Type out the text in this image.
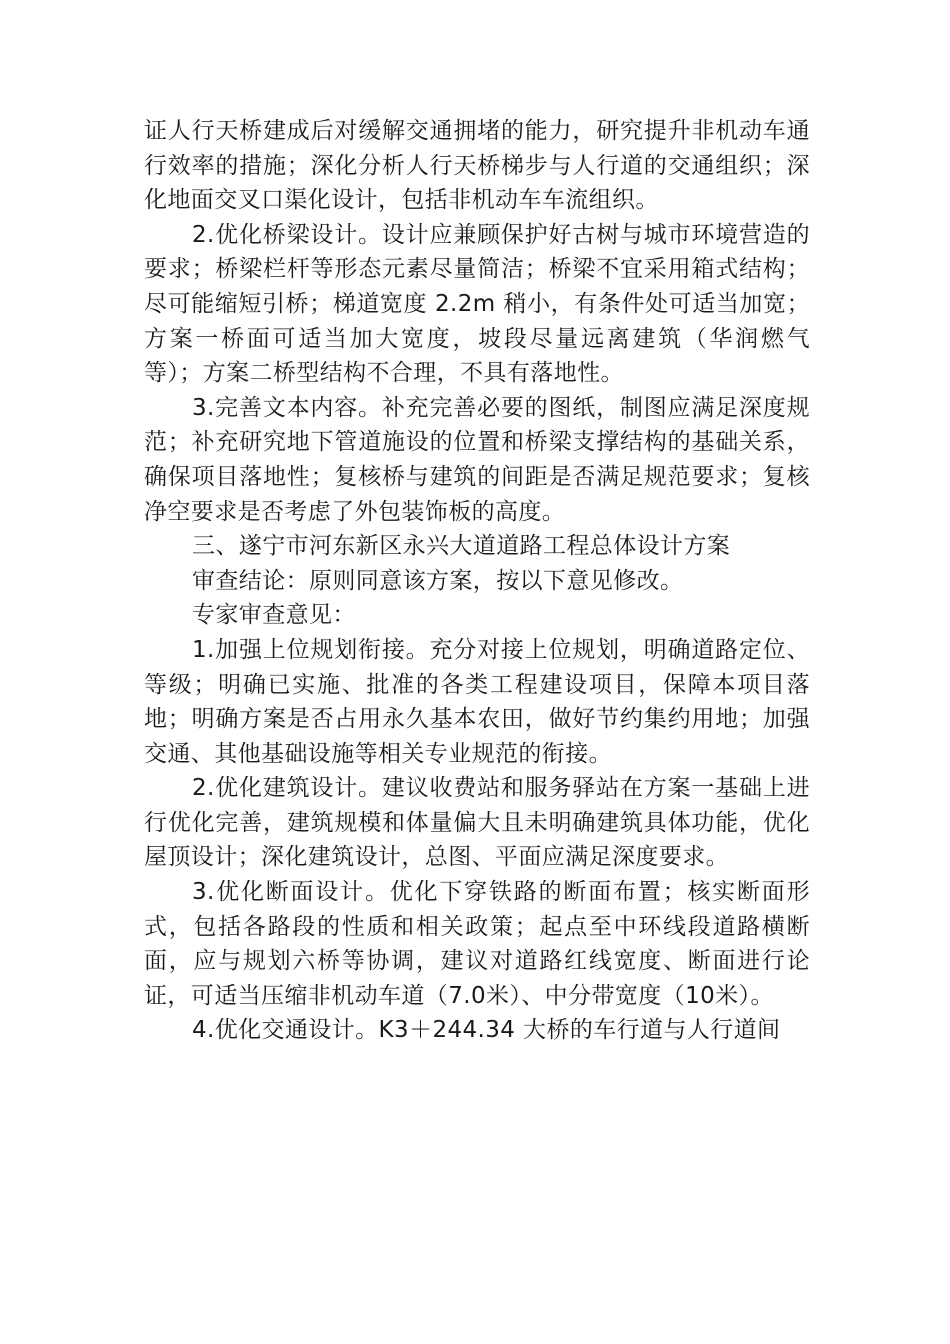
证人行天桥建成后对缓解交通拥堵的能力，研究提升非机动车通行效率的措施；深化分析人行天桥梯步与人行道的交通组织；深化地面交叉口渠化设计，包括非机动车车流组织。

2.优化桥梁设计。设计应兼顾保护好古树与城市环境营造的要求；桥梁栏杆等形态元素尽量简洁；桥梁不宜采用箱式结构；尽可能缩短引桥；梯道宽度 2.2m 稍小，有条件处可适当加宽；方案一桥面可适当加大宽度，坡段尽量远离建筑（华润燃气等）；方案二桥型结构不合理，不具有落地性。

3.完善文本内容。补充完善必要的图纸，制图应满足深度规范；补充研究地下管道施设的位置和桥梁支撑结构的基础关系，确保项目落地性；复核桥与建筑的间距是否满足规范要求；复核净空要求是否考虑了外包装饰板的高度。

三、遂宁市河东新区永兴大道道路工程总体设计方案

审查结论：原则同意该方案，按以下意见修改。

专家审查意见：

1.加强上位规划衔接。充分对接上位规划，明确道路定位、等级；明确已实施、批准的各类工程建设项目，保障本项目落地；明确方案是否占用永久基本农田，做好节约集约用地；加强交通、其他基础设施等相关专业规范的衔接。

2.优化建筑设计。建议收费站和服务驿站在方案一基础上进行优化完善，建筑规模和体量偏大且未明确建筑具体功能，优化屋顶设计；深化建筑设计，总图、平面应满足深度要求。

3.优化断面设计。优化下穿铁路的断面布置；核实断面形式，包括各路段的性质和相关政策；起点至中环线段道路横断面，应与规划六桥等协调，建议对道路红线宽度、断面进行论证，可适当压缩非机动车道（7.0米）、中分带宽度（10米）。

4.优化交通设计。K3＋244.34 大桥的车行道与人行道间
